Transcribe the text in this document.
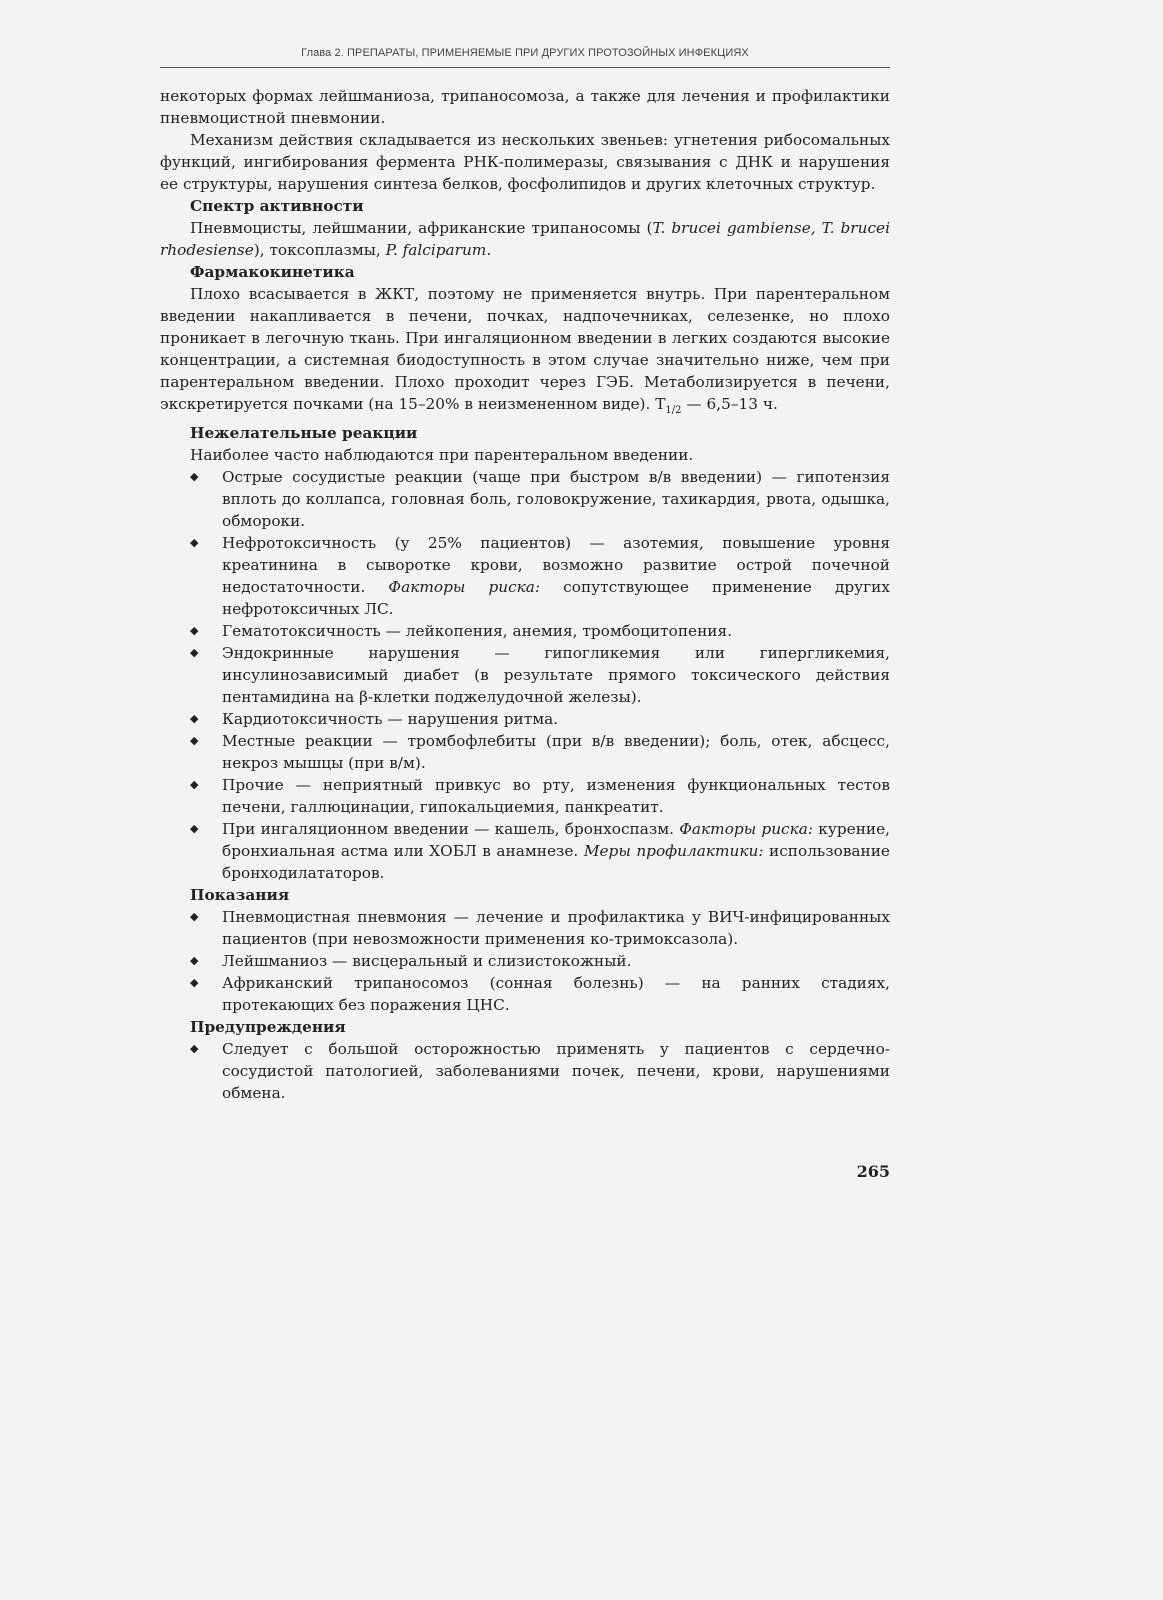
Глава 2. ПРЕПАРАТЫ, ПРИМЕНЯЕМЫЕ ПРИ ДРУГИХ ПРОТОЗОЙНЫХ ИНФЕКЦИЯХ

некоторых формах лейшманиоза, трипаносомоза, а также для лечения и профилактики пневмоцистной пневмонии.

Механизм действия складывается из нескольких звеньев: угнетения рибосомальных функций, ингибирования фермента РНК-полимеразы, связывания с ДНК и нарушения ее структуры, нарушения синтеза белков, фосфолипидов и других клеточных структур.

Спектр активности

Пневмоцисты, лейшмании, африканские трипаносомы (T. brucei gambiense, T. brucei rhodesiense), токсоплазмы, P. falciparum.

Фармакокинетика

Плохо всасывается в ЖКТ, поэтому не применяется внутрь. При парентеральном введении накапливается в печени, почках, надпочечниках, селезенке, но плохо проникает в легочную ткань. При ингаляционном введении в легких создаются высокие концентрации, а системная биодоступность в этом случае значительно ниже, чем при парентеральном введении. Плохо проходит через ГЭБ. Метаболизируется в печени, экскретируется почками (на 15–20% в неизмененном виде). $Т_{1/2}$ — 6,5–13 ч.

Нежелательные реакции

Наиболее часто наблюдаются при парентеральном введении.

◆ Острые сосудистые реакции (чаще при быстром в/в введении) — гипотензия вплоть до коллапса, головная боль, головокружение, тахикардия, рвота, одышка, обмороки.
◆ Нефротоксичность (у 25% пациентов) — азотемия, повышение уровня креатинина в сыворотке крови, возможно развитие острой почечной недостаточности. Факторы риска: сопутствующее применение других нефротоксичных ЛС.
◆ Гематотоксичность — лейкопения, анемия, тромбоцитопения.
◆ Эндокринные нарушения — гипогликемия или гипергликемия, инсулинозависимый диабет (в результате прямого токсического действия пентамидина на β-клетки поджелудочной железы).
◆ Кардиотоксичность — нарушения ритма.
◆ Местные реакции — тромбофлебиты (при в/в введении); боль, отек, абсцесс, некроз мышцы (при в/м).
◆ Прочие — неприятный привкус во рту, изменения функциональных тестов печени, галлюцинации, гипокальциемия, панкреатит.
◆ При ингаляционном введении — кашель, бронхоспазм. Факторы риска: курение, бронхиальная астма или ХОБЛ в анамнезе. Меры профилактики: использование бронходилататоров.
Показания
◆ Пневмоцистная пневмония — лечение и профилактика у ВИЧ-инфицированных пациентов (при невозможности применения ко-тримоксазола).
◆ Лейшманиоз — висцеральный и слизистокожный.
◆ Африканский трипаносомоз (сонная болезнь) — на ранних стадиях, протекающих без поражения ЦНС.
Предупреждения
◆ Следует с большой осторожностью применять у пациентов с сердечно-сосудистой патологией, заболеваниями почек, печени, крови, нарушениями обмена.
265
